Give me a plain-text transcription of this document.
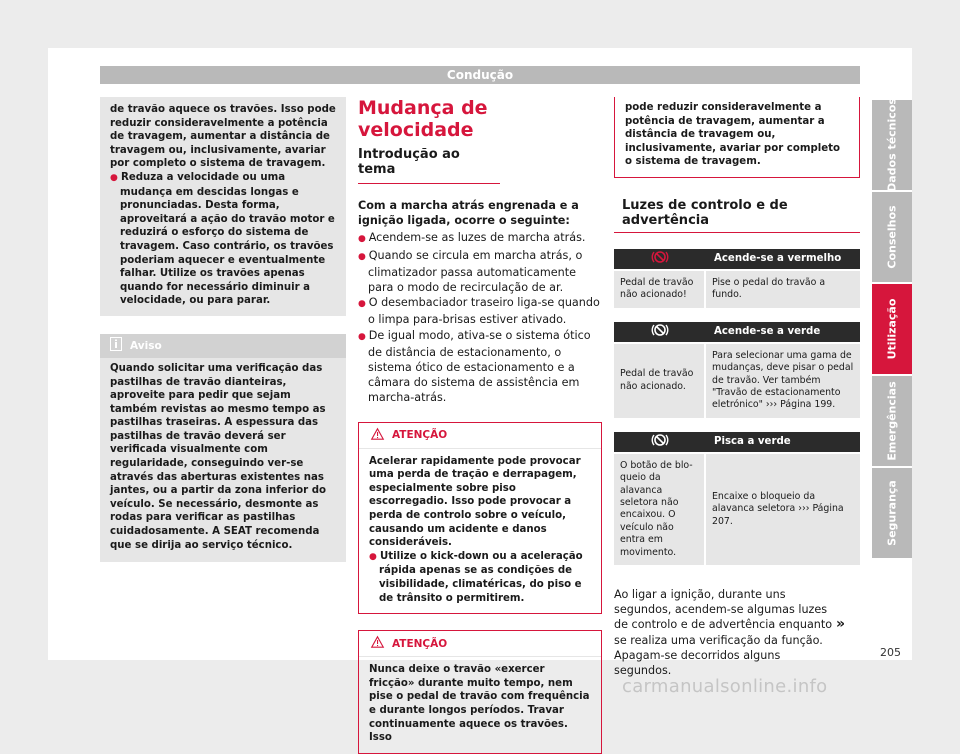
Condução
de travão aquece os travões. Isso pode reduzir consideravelmente a potência de travagem, aumentar a distância de travagem ou, inclusivamente, avariar por completo o sistema de travagem.
● Reduza a velocidade ou uma mudança em descidas longas e pronunciadas. Desta forma, aproveitará a ação do travão motor e reduzirá o esforço do sistema de travagem. Caso contrário, os travões poderiam aquecer e eventualmente falhar. Utilize os travões apenas quando for necessário diminuir a velocidade, ou para parar.
Aviso
Quando solicitar uma verificação das pastilhas de travão dianteiras, aproveite para pedir que sejam também revistas ao mesmo tempo as pastilhas traseiras. A espessura das pastilhas de travão deverá ser verificada visualmente com regularidade, conseguindo ver-se através das aberturas existentes nas jantes, ou a partir da zona inferior do veículo. Se necessário, desmonte as rodas para verificar as pastilhas cuidadosamente. A SEAT recomenda que se dirija ao serviço técnico.
Mudança de velocidade
Introdução ao tema
Com a marcha atrás engrenada e a ignição ligada, ocorre o seguinte:
● Acendem-se as luzes de marcha atrás.
● Quando se circula em marcha atrás, o climatizador passa automaticamente para o modo de recirculação de ar.
● O desembaciador traseiro liga-se quando o limpa para-brisas estiver ativado.
● De igual modo, ativa-se o sistema ótico de distância de estacionamento, o sistema ótico de estacionamento e a câmara do sistema de assistência em marcha-atrás.
ATENÇÃO
Acelerar rapidamente pode provocar uma perda de tração e derrapagem, especialmente sobre piso escorregadio. Isso pode provocar a perda de controlo sobre o veículo, causando um acidente e danos consideráveis.
● Utilize o kick-down ou a aceleração rápida apenas se as condições de visibilidade, climatéricas, do piso e de trânsito o permitirem.
ATENÇÃO
Nunca deixe o travão «exercer fricção» durante muito tempo, nem pise o pedal de travão com frequência e durante longos períodos. Travar continuamente aquece os travões. Isso
pode reduzir consideravelmente a potência de travagem, aumentar a distância de travagem ou, inclusivamente, avariar por completo o sistema de travagem.
Luzes de controlo e de advertência
Acende-se a vermelho
Pedal de travão não acionado!
Pise o pedal do travão a fundo.
Acende-se a verde
Pedal de travão não acionado.
Para selecionar uma gama de mudanças, deve pisar o pedal de travão. Ver também "Travão de estacionamento eletrónico" ››› Página 199.
Pisca a verde
O botão de bloqueio da alavanca seletora não encaixou. O veículo não entra em movimento.
Encaixe o bloqueio da alavanca seletora ››› Página 207.
Ao ligar a ignição, durante uns segundos, acendem-se algumas luzes de controlo e de advertência enquanto se realiza uma verificação da função. Apagam-se decorridos alguns segundos.
»
Dados técnicos
Conselhos
Utilização
Emergências
Segurança
205
carmanualsonline.info
